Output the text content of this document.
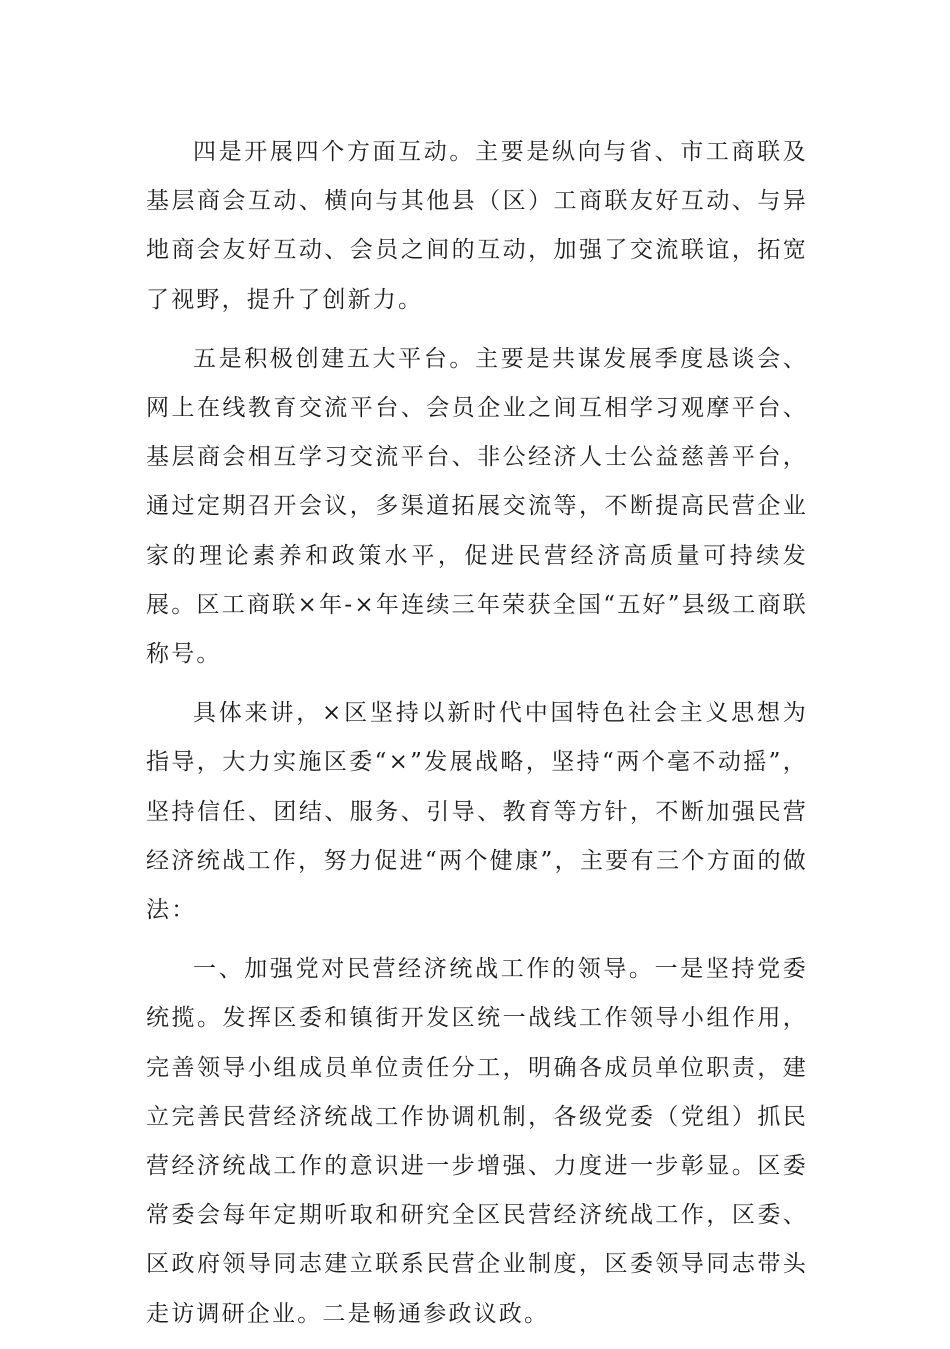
四是开展四个方面互动。主要是纵向与省、市工商联及基层商会互动、横向与其他县（区）工商联友好互动、与异地商会友好互动、会员之间的互动，加强了交流联谊，拓宽了视野，提升了创新力。

五是积极创建五大平台。主要是共谋发展季度恳谈会、网上在线教育交流平台、会员企业之间互相学习观摩平台、基层商会相互学习交流平台、非公经济人士公益慈善平台，通过定期召开会议，多渠道拓展交流等，不断提高民营企业家的理论素养和政策水平，促进民营经济高质量可持续发展。区工商联×年-×年连续三年荣获全国“五好”县级工商联称号。

具体来讲，×区坚持以新时代中国特色社会主义思想为指导，大力实施区委“×”发展战略，坚持“两个毫不动摇”，坚持信任、团结、服务、引导、教育等方针，不断加强民营经济统战工作，努力促进“两个健康”，主要有三个方面的做法：

一、加强党对民营经济统战工作的领导。一是坚持党委统揽。发挥区委和镇街开发区统一战线工作领导小组作用，完善领导小组成员单位责任分工，明确各成员单位职责，建立完善民营经济统战工作协调机制，各级党委（党组）抓民营经济统战工作的意识进一步增强、力度进一步彰显。区委常委会每年定期听取和研究全区民营经济统战工作，区委、区政府领导同志建立联系民营企业制度，区委领导同志带头走访调研企业。二是畅通参政议政。
